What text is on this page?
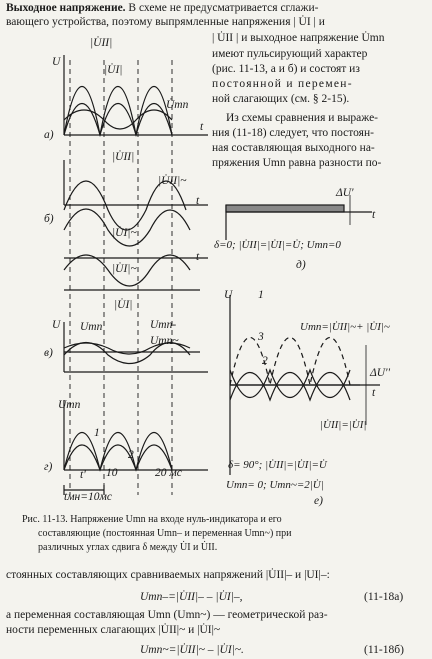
Выходное напряжение. В схеме не предусматривается сглажи-
вающего устройства, поэтому выпрямленные напряжения | U̇I | и
| U̇II | и выходное напряжение U̇mn
имеют пульсирующий характер
(рис. 11-13, а и б) и состоят из
постоянной и перемен-
ной слагающих (см. § 2-15).
Из схемы сравнения и выраже-
ния (11-18) следует, что постоян-
ная составляющая выходного на-
пряжения Umn равна разности по-
а)
U
t
|U̇II|
|U̇I|
U̇mn
б)
t
t
|U̇II|
|U̇II|~
|U̇I|~
|U̇I|~
|U̇I|
в)
U Umn	Umn-
Umn~
г)
Umn
1
2
t' 10	20 мс
tмн=10мс
д)
ΔU'
t
δ=0; |U̇II|=|U̇I|=U̇; Umn=0
U 1
3
2
Umn=|U̇II|~+ |U̇I|~
ΔU''
t
|U̇II|=|U̇I|
δ= 90°; |U̇II|=|U̇I|=U̇
Umn= 0; Umn~=2|U̇|
е)
Рис. 11-13. Напряжение Umn на входе нуль-индикатора и его
составляющие (постоянная Umn– и переменная Umn~) при
различных углах сдвига δ между U̇I и U̇II.
стоянных составляющих сравниваемых напряжений |U̇II|– и |UI|–:
Umn–=|U̇II|– – |U̇I|–,	(11-18а)
а переменная составляющая Umn (Umn~) — геометрической раз-
ности переменных слагающих |U̇II|~ и |U̇I|~
Umn~=|U̇II|~ – |U̇I|~.	(11-18б)
